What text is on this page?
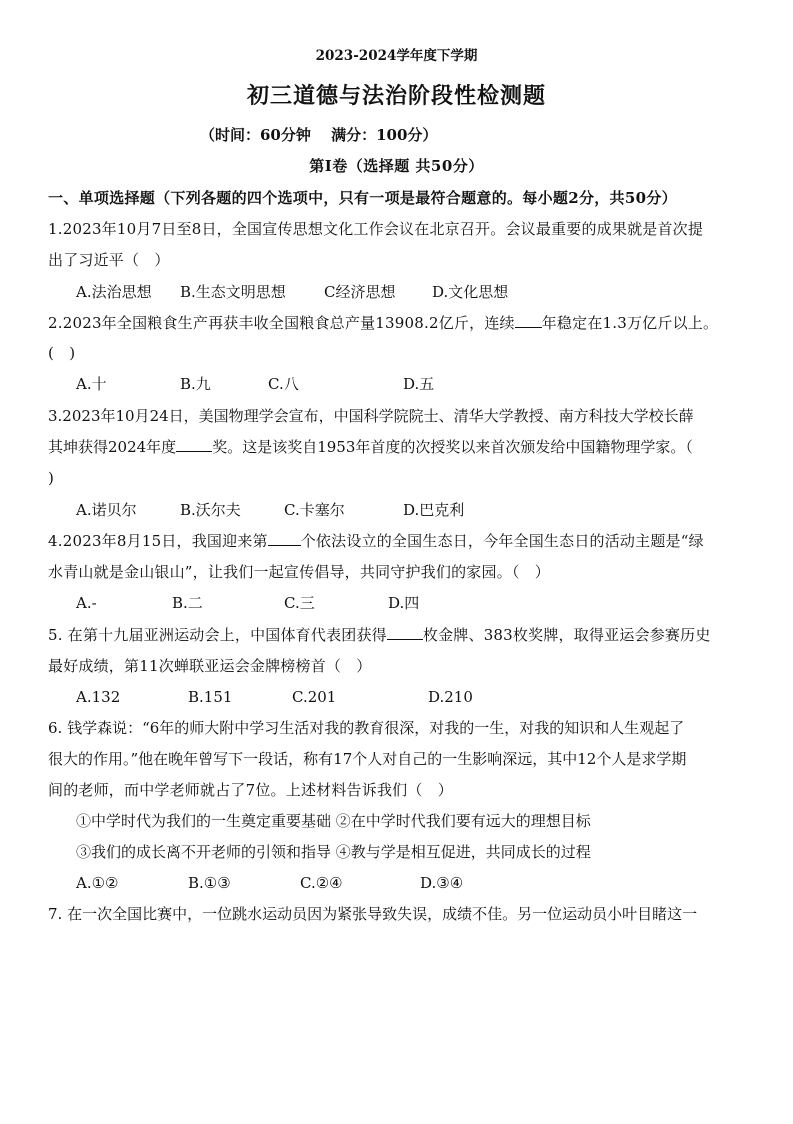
2023-2024学年度下学期
初三道德与法治阶段性检测题
（时间：60分钟　 满分：100分）
第Ⅰ卷（选择题 共50分）
一、单项选择题（下列各题的四个选项中，只有一项是最符合题意的。每小题2分，共50分）
1.2023年10月7日至8日，全国宣传思想文化工作会议在北京召开。会议最重要的成果就是首次提
出了习近平（　）
A.法治思想 B.生态文明思想	C经济思想 D.文化思想
2.2023年全国粮食生产再获丰收全国粮食总产量13908.2亿斤，连续 年稳定在1.3万亿斤以上。
(　)
A.十	B.九	C.八	D.五
3.2023年10月24日，美国物理学会宣布，中国科学院院士、清华大学教授、南方科技大学校长薛
其坤获得2024年度 奖。这是该奖自1953年首度的次授奖以来首次颁发给中国籍物理学家。（
)
A.诺贝尔	B.沃尔夫	C.卡塞尔	D.巴克利
4.2023年8月15日，我国迎来第 个依法设立的全国生态日，今年全国生态日的活动主题是“绿
水青山就是金山银山”，让我们一起宣传倡导，共同守护我们的家园。（　）
A.-	B.二	C.三	D.四
5. 在第十九届亚洲运动会上，中国体育代表团获得 枚金牌、383枚奖牌，取得亚运会参赛历史
最好成绩，第11次蝉联亚运会金牌榜榜首（　）
A.132	B.151	C.201	D.210
6. 钱学森说：“6年的师大附中学习生活对我的教育很深，对我的一生，对我的知识和人生观起了
很大的作用。”他在晚年曾写下一段话，称有17个人对自己的一生影响深远，其中12个人是求学期
间的老师，而中学老师就占了7位。上述材料告诉我们（　）
①中学时代为我们的一生奠定重要基础 ②在中学时代我们要有远大的理想目标
③我们的成长离不开老师的引领和指导 ④教与学是相互促进，共同成长的过程
A.①②	B.①③	C.②④	D.③④
7. 在一次全国比赛中，一位跳水运动员因为紧张导致失误，成绩不佳。另一位运动员小叶目睹这一
